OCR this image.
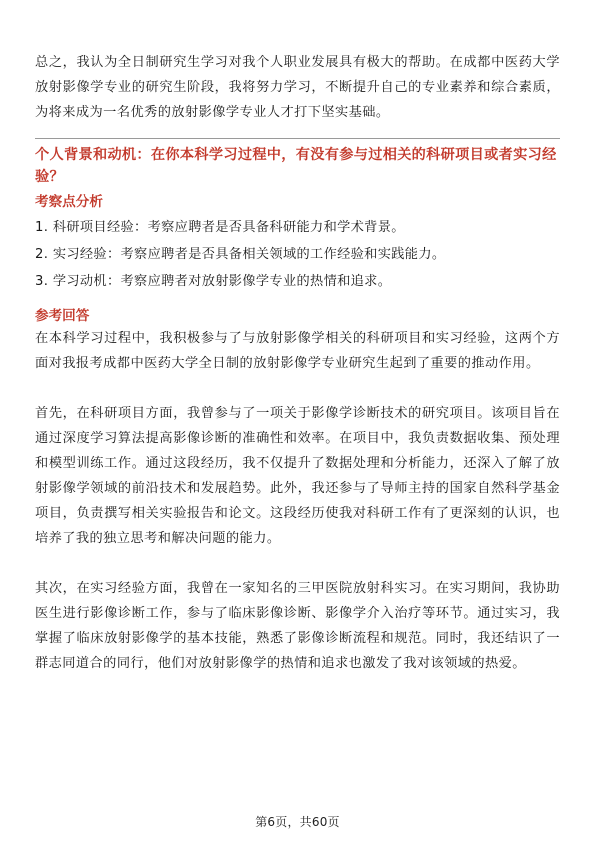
总之，我认为全日制研究生学习对我个人职业发展具有极大的帮助。在成都中医药大学放射影像学专业的研究生阶段，我将努力学习，不断提升自己的专业素养和综合素质，为将来成为一名优秀的放射影像学专业人才打下坚实基础。

个人背景和动机：在你本科学习过程中，有没有参与过相关的科研项目或者实习经验？

考察点分析

1. 科研项目经验：考察应聘者是否具备科研能力和学术背景。
2. 实习经验：考察应聘者是否具备相关领域的工作经验和实践能力。
3. 学习动机：考察应聘者对放射影像学专业的热情和追求。

参考回答

在本科学习过程中，我积极参与了与放射影像学相关的科研项目和实习经验，这两个方面对我报考成都中医药大学全日制的放射影像学专业研究生起到了重要的推动作用。

首先，在科研项目方面，我曾参与了一项关于影像学诊断技术的研究项目。该项目旨在通过深度学习算法提高影像诊断的准确性和效率。在项目中，我负责数据收集、预处理和模型训练工作。通过这段经历，我不仅提升了数据处理和分析能力，还深入了解了放射影像学领域的前沿技术和发展趋势。此外，我还参与了导师主持的国家自然科学基金项目，负责撰写相关实验报告和论文。这段经历使我对科研工作有了更深刻的认识，也培养了我的独立思考和解决问题的能力。

其次，在实习经验方面，我曾在一家知名的三甲医院放射科实习。在实习期间，我协助医生进行影像诊断工作，参与了临床影像诊断、影像学介入治疗等环节。通过实习，我掌握了临床放射影像学的基本技能，熟悉了影像诊断流程和规范。同时，我还结识了一群志同道合的同行，他们对放射影像学的热情和追求也激发了我对该领域的热爱。

第6页，共60页
